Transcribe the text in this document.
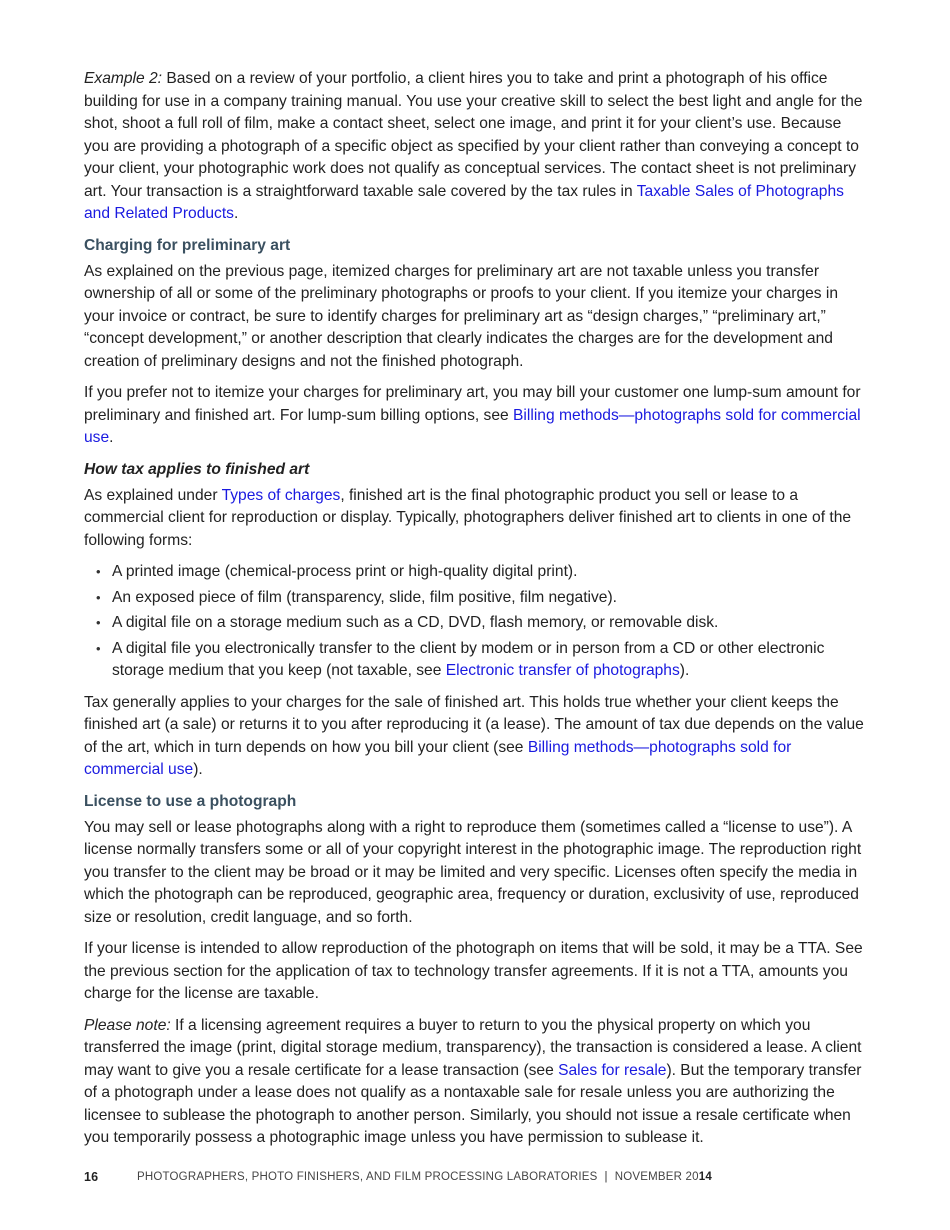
Example 2: Based on a review of your portfolio, a client hires you to take and print a photograph of his office building for use in a company training manual. You use your creative skill to select the best light and angle for the shot, shoot a full roll of film, make a contact sheet, select one image, and print it for your client’s use. Because you are providing a photograph of a specific object as specified by your client rather than conveying a concept to your client, your photographic work does not qualify as conceptual services. The contact sheet is not preliminary art. Your transaction is a straightforward taxable sale covered by the tax rules in Taxable Sales of Photographs and Related Products.

Charging for preliminary art

As explained on the previous page, itemized charges for preliminary art are not taxable unless you transfer ownership of all or some of the preliminary photographs or proofs to your client. If you itemize your charges in your invoice or contract, be sure to identify charges for preliminary art as “design charges,” “preliminary art,” “concept development,” or another description that clearly indicates the charges are for the development and creation of preliminary designs and not the finished photograph.

If you prefer not to itemize your charges for preliminary art, you may bill your customer one lump-sum amount for preliminary and finished art. For lump-sum billing options, see Billing methods—photographs sold for commercial use.

How tax applies to finished art

As explained under Types of charges, finished art is the final photographic product you sell or lease to a commercial client for reproduction or display. Typically, photographers deliver finished art to clients in one of the following forms:

• A printed image (chemical-process print or high-quality digital print).
• An exposed piece of film (transparency, slide, film positive, film negative).
• A digital file on a storage medium such as a CD, DVD, flash memory, or removable disk.
• A digital file you electronically transfer to the client by modem or in person from a CD or other electronic storage medium that you keep (not taxable, see Electronic transfer of photographs).

Tax generally applies to your charges for the sale of finished art. This holds true whether your client keeps the finished art (a sale) or returns it to you after reproducing it (a lease). The amount of tax due depends on the value of the art, which in turn depends on how you bill your client (see Billing methods—photographs sold for commercial use).

License to use a photograph

You may sell or lease photographs along with a right to reproduce them (sometimes called a “license to use”). A license normally transfers some or all of your copyright interest in the photographic image. The reproduction right you transfer to the client may be broad or it may be limited and very specific. Licenses often specify the media in which the photograph can be reproduced, geographic area, frequency or duration, exclusivity of use, reproduced size or resolution, credit language, and so forth.

If your license is intended to allow reproduction of the photograph on items that will be sold, it may be a TTA. See the previous section for the application of tax to technology transfer agreements. If it is not a TTA, amounts you charge for the license are taxable.

Please note: If a licensing agreement requires a buyer to return to you the physical property on which you transferred the image (print, digital storage medium, transparency), the transaction is considered a lease. A client may want to give you a resale certificate for a lease transaction (see Sales for resale). But the temporary transfer of a photograph under a lease does not qualify as a nontaxable sale for resale unless you are authorizing the licensee to sublease the photograph to another person. Similarly, you should not issue a resale certificate when you temporarily possess a photographic image unless you have permission to sublease it.

16	PHOTOGRAPHERS, PHOTO FINISHERS, AND FILM PROCESSING LABORATORIES | NOVEMBER 2014
